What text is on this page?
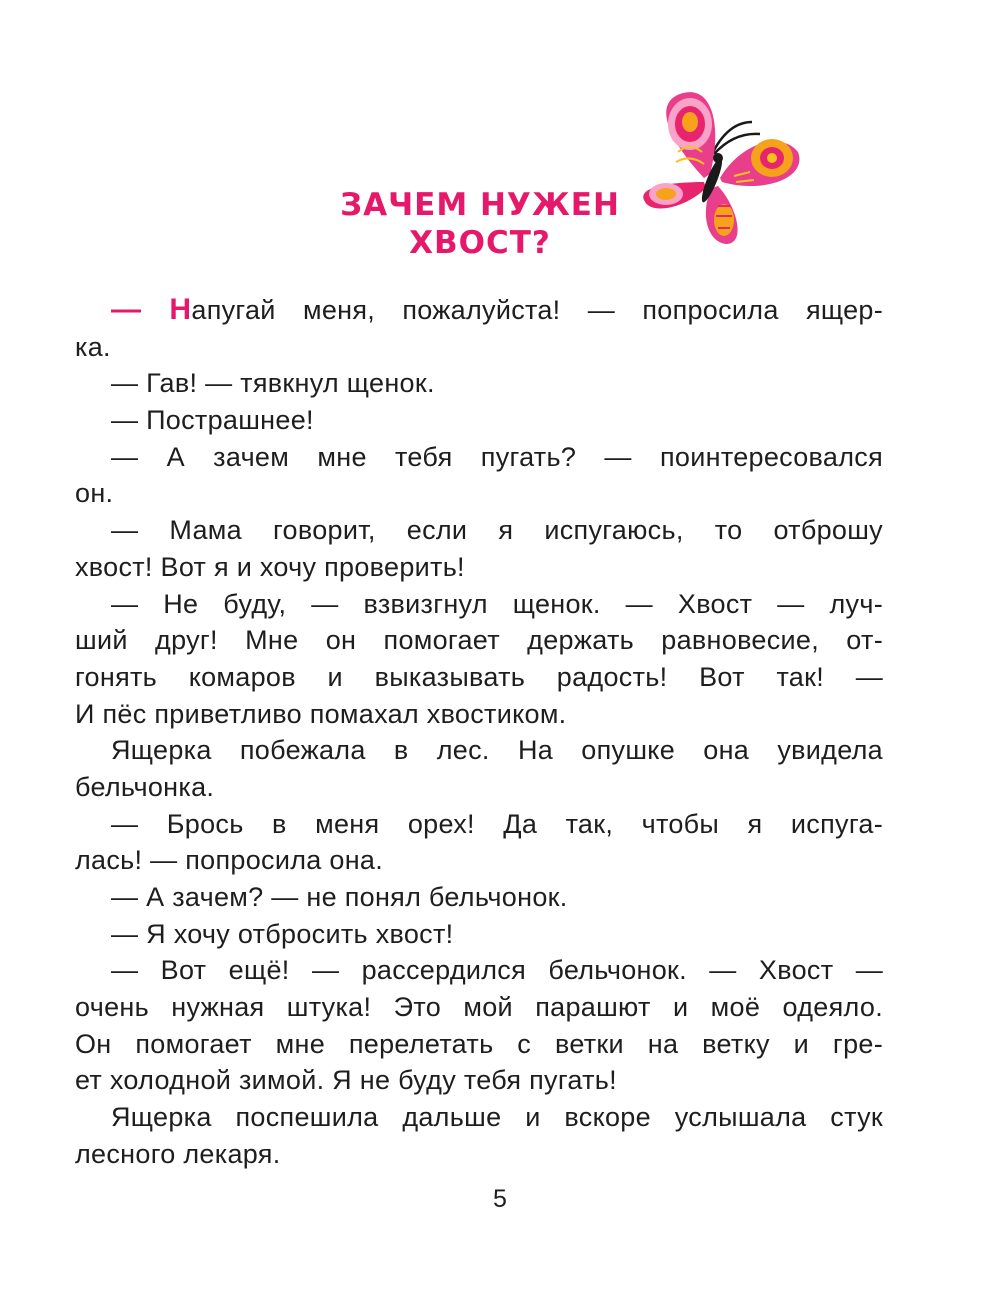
ЗАЧЕМ НУЖЕН
ХВОСТ?
— Напугай меня, пожалуйста! — попросила ящер-
ка.
— Гав! — тявкнул щенок.
— Пострашнее!
— А зачем мне тебя пугать? — поинтересовался
он.
— Мама говорит, если я испугаюсь, то отброшу
хвост! Вот я и хочу проверить!
— Не буду, — взвизгнул щенок. — Хвост — луч-
ший друг! Мне он помогает держать равновесие, от-
гонять комаров и выказывать радость! Вот так! —
И пёс приветливо помахал хвостиком.
Ящерка побежала в лес. На опушке она увидела
бельчонка.
— Брось в меня орех! Да так, чтобы я испуга-
лась! — попросила она.
— А зачем? — не понял бельчонок.
— Я хочу отбросить хвост!
— Вот ещё! — рассердился бельчонок. — Хвост —
очень нужная штука! Это мой парашют и моё одеяло.
Он помогает мне перелетать с ветки на ветку и гре-
ет холодной зимой. Я не буду тебя пугать!
Ящерка поспешила дальше и вскоре услышала стук
лесного лекаря.
5
